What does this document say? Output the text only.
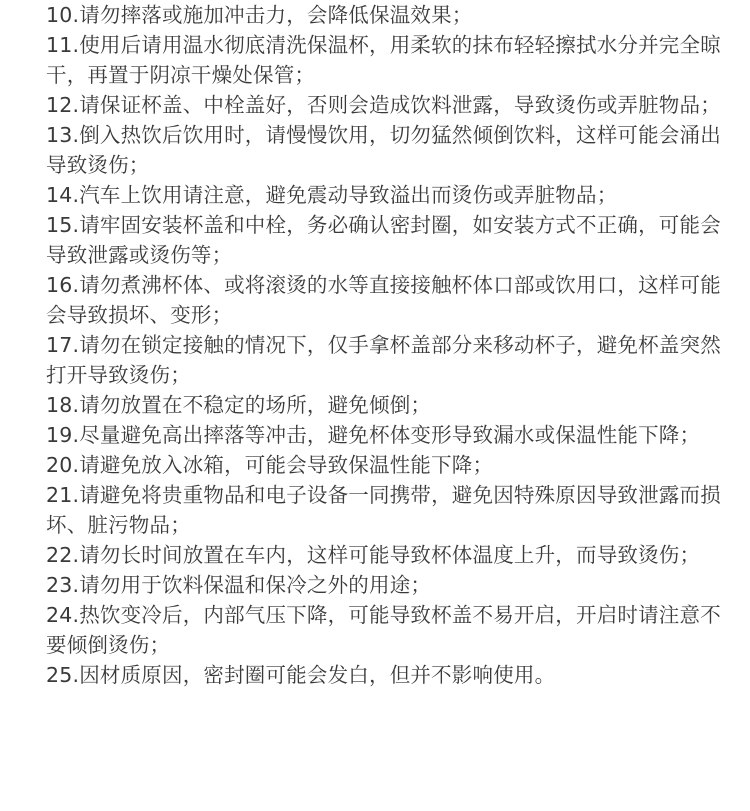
10.请勿摔落或施加冲击力，会降低保温效果；
11.使用后请用温水彻底清洗保温杯，用柔软的抹布轻轻擦拭水分并完全晾干，再置于阴凉干燥处保管；
12.请保证杯盖、中栓盖好，否则会造成饮料泄露，导致烫伤或弄脏物品；
13.倒入热饮后饮用时，请慢慢饮用，切勿猛然倾倒饮料，这样可能会涌出导致烫伤；
14.汽车上饮用请注意，避免震动导致溢出而烫伤或弄脏物品；
15.请牢固安装杯盖和中栓，务必确认密封圈，如安装方式不正确，可能会导致泄露或烫伤等；
16.请勿煮沸杯体、或将滚烫的水等直接接触杯体口部或饮用口，这样可能会导致损坏、变形；
17.请勿在锁定接触的情况下，仅手拿杯盖部分来移动杯子，避免杯盖突然打开导致烫伤；
18.请勿放置在不稳定的场所，避免倾倒；
19.尽量避免高出摔落等冲击，避免杯体变形导致漏水或保温性能下降；
20.请避免放入冰箱，可能会导致保温性能下降；
21.请避免将贵重物品和电子设备一同携带，避免因特殊原因导致泄露而损坏、脏污物品；
22.请勿长时间放置在车内，这样可能导致杯体温度上升，而导致烫伤；
23.请勿用于饮料保温和保冷之外的用途；
24.热饮变冷后，内部气压下降，可能导致杯盖不易开启，开启时请注意不要倾倒烫伤；
25.因材质原因，密封圈可能会发白，但并不影响使用。
